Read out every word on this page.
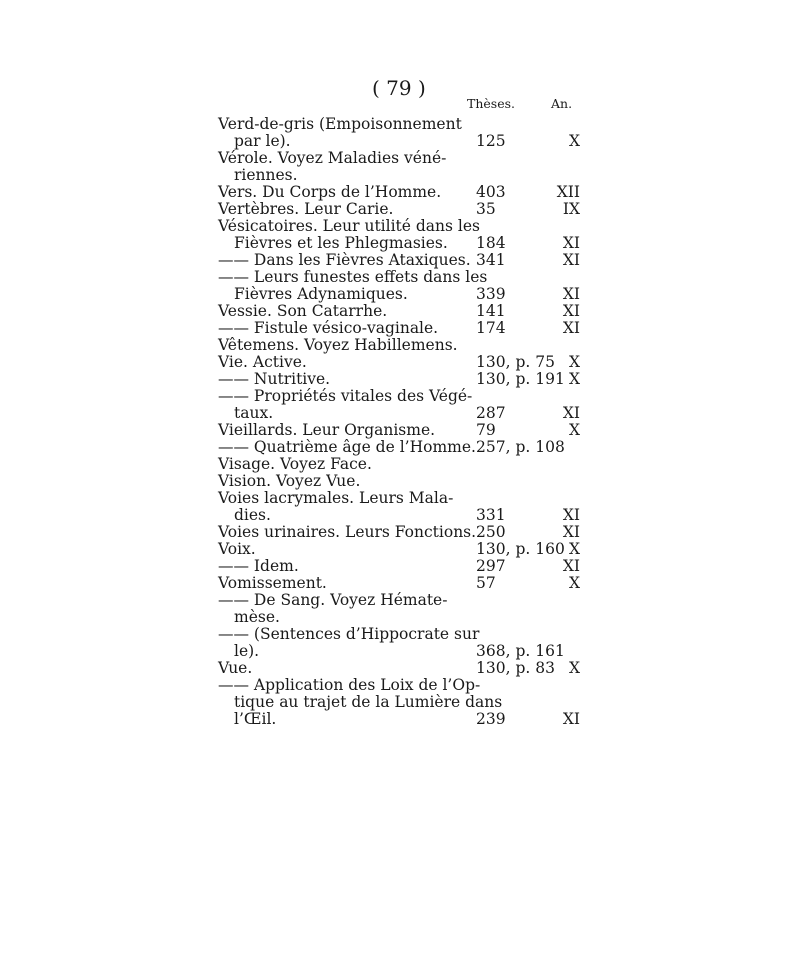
( 79 )
Thèses.	An.
Verd-de-gris (Empoisonnement
par le).	125	X
Vérole. Voyez Maladies véné-
riennes.
Vers. Du Corps de l’Homme. 403	XII
Vertèbres. Leur Carie.	35	IX
Vésicatoires. Leur utilité dans les
Fièvres et les Phlegmasies. 184	XI
—— Dans les Fièvres Ataxiques. 341	XI
—— Leurs funestes effets dans les
Fièvres Adynamiques.	339	XI
Vessie. Son Catarrhe.	141	XI
—— Fistule vésico-vaginale. 174	XI
Vêtemens. Voyez Habillemens.
Vie. Active.	130, p. 75 X
—— Nutritive.	130, p. 191 X
—— Propriétés vitales des Végé-
taux.	287	XI
Vieillards. Leur Organisme.	79	X
—— Quatrième âge de l’Homme. 257, p. 108
Visage. Voyez Face.
Vision. Voyez Vue.
Voies lacrymales. Leurs Mala-
dies.	331	XI
Voies urinaires. Leurs Fonctions. 250	XI
Voix.	130, p. 160 X
—— Idem.	297	XI
Vomissement.	57	X
—— De Sang. Voyez Hémate-
mèse.
—— (Sentences d’Hippocrate sur
le).	368, p. 161
Vue.	130, p. 83 X
—— Application des Loix de l’Op-
tique au trajet de la Lumière dans
l’Œil.	239	XI
